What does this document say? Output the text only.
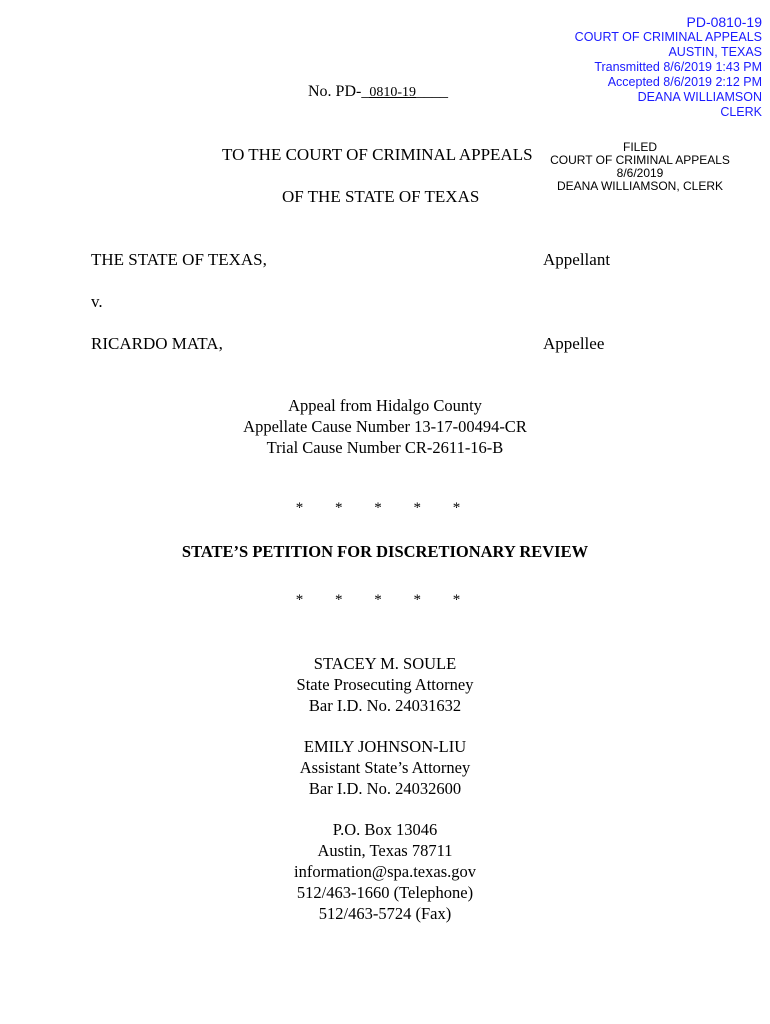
PD-0810-19
COURT OF CRIMINAL APPEALS
AUSTIN, TEXAS
Transmitted 8/6/2019 1:43 PM
Accepted 8/6/2019 2:12 PM
DEANA WILLIAMSON
CLERK
No. PD-_0810-19____
TO THE COURT OF CRIMINAL APPEALS
OF THE STATE OF TEXAS
FILED
COURT OF CRIMINAL APPEALS
8/6/2019
DEANA WILLIAMSON, CLERK
THE STATE OF TEXAS,	Appellant
v.
RICARDO MATA,	Appellee
Appeal from Hidalgo County
Appellate Cause Number 13-17-00494-CR
Trial Cause Number CR-2611-16-B
* * * * *
STATE’S PETITION FOR DISCRETIONARY REVIEW
* * * * *
STACEY M. SOULE
State Prosecuting Attorney
Bar I.D. No. 24031632
EMILY JOHNSON-LIU
Assistant State’s Attorney
Bar I.D. No. 24032600
P.O. Box 13046
Austin, Texas 78711
information@spa.texas.gov
512/463-1660 (Telephone)
512/463-5724 (Fax)
